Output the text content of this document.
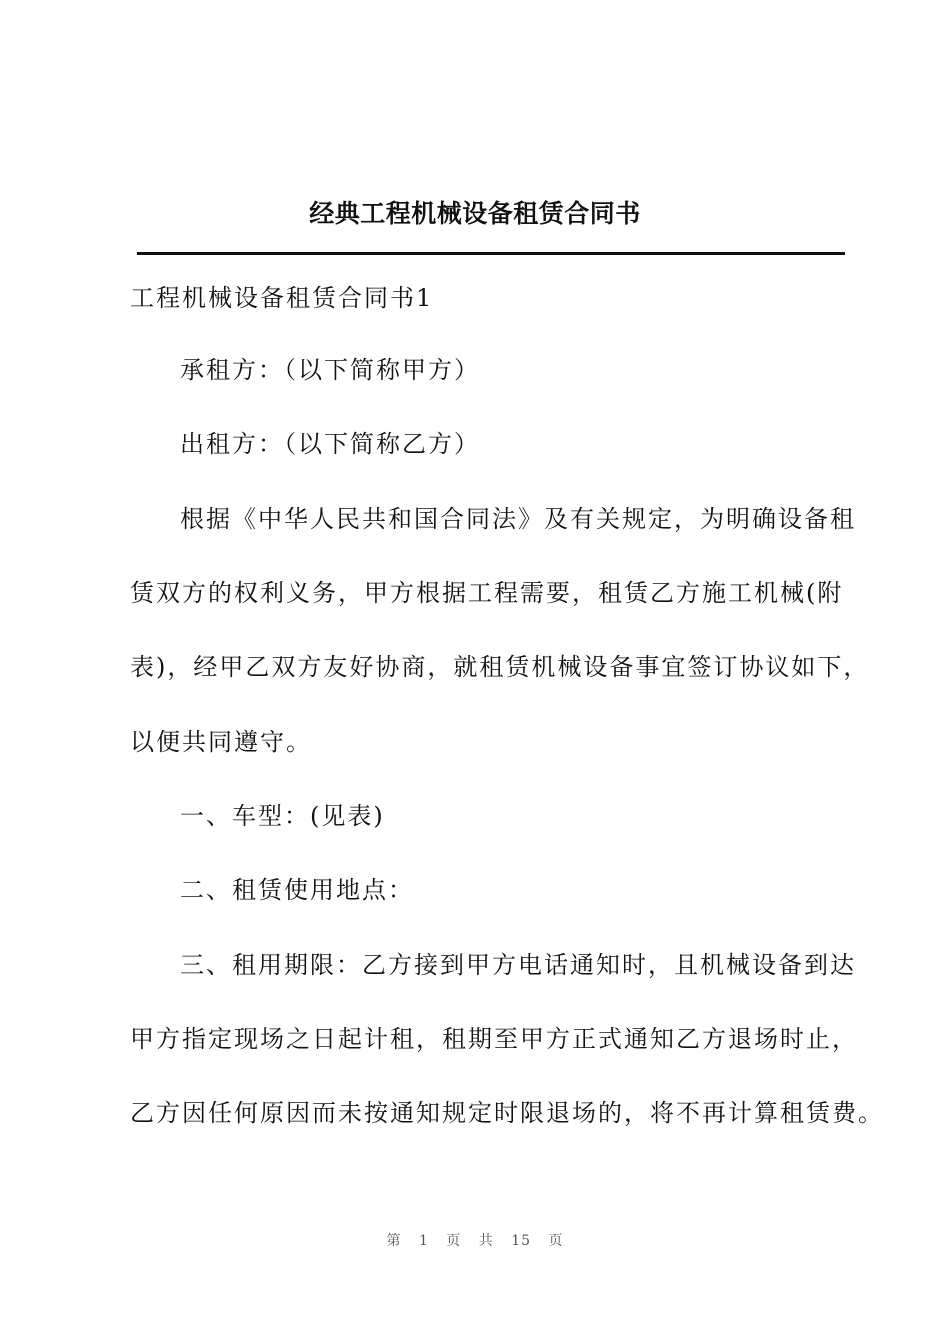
经典工程机械设备租赁合同书
工程机械设备租赁合同书1
承租方：（以下简称甲方）
出租方：（以下简称乙方）
根据《中华人民共和国合同法》及有关规定，为明确设备租
赁双方的权利义务，甲方根据工程需要，租赁乙方施工机械(附
表)，经甲乙双方友好协商，就租赁机械设备事宜签订协议如下，
以便共同遵守。
一、车型：(见表)
二、租赁使用地点：
三、租用期限：乙方接到甲方电话通知时，且机械设备到达
甲方指定现场之日起计租，租期至甲方正式通知乙方退场时止，
乙方因任何原因而未按通知规定时限退场的，将不再计算租赁费。
第 1 页 共 15 页
